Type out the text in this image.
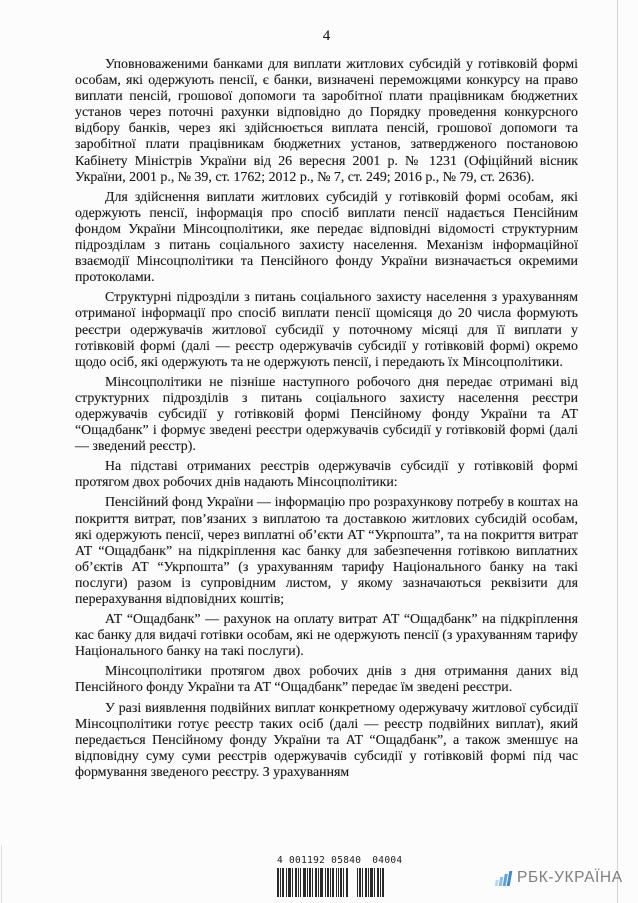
4

Уповноваженими банками для виплати житлових субсидій у готівковій формі особам, які одержують пенсії, є банки, визначені переможцями конкурсу на право виплати пенсій, грошової допомоги та заробітної плати працівникам бюджетних установ через поточні рахунки відповідно до Порядку проведення конкурсного відбору банків, через які здійснюється виплата пенсій, грошової допомоги та заробітної плати працівникам бюджетних установ, затвердженого постановою Кабінету Міністрів України від 26 вересня 2001 р. № 1231 (Офіційний вісник України, 2001 р., № 39, ст. 1762; 2012 р., № 7, ст. 249; 2016 р., № 79, ст. 2636).

Для здійснення виплати житлових субсидій у готівковій формі особам, які одержують пенсії, інформація про спосіб виплати пенсії надається Пенсійним фондом України Мінсоцполітики, яке передає відповідні відомості структурним підрозділам з питань соціального захисту населення. Механізм інформаційної взаємодії Мінсоцполітики та Пенсійного фонду України визначається окремими протоколами.

Структурні підрозділи з питань соціального захисту населення з урахуванням отриманої інформації про спосіб виплати пенсії щомісяця до 20 числа формують реєстри одержувачів житлової субсидії у поточному місяці для її виплати у готівковій формі (далі — реєстр одержувачів субсидії у готівковій формі) окремо щодо осіб, які одержують та не одержують пенсії, і передають їх Мінсоцполітики.

Мінсоцполітики не пізніше наступного робочого дня передає отримані від структурних підрозділів з питань соціального захисту населення реєстри одержувачів субсидії у готівковій формі Пенсійному фонду України та АТ “Ощадбанк” і формує зведені реєстри одержувачів субсидії у готівковій формі (далі — зведений реєстр).

На підставі отриманих реєстрів одержувачів субсидії у готівковій формі протягом двох робочих днів надають Мінсоцполітики:

Пенсійний фонд України — інформацію про розрахункову потребу в коштах на покриття витрат, пов’язаних з виплатою та доставкою житлових субсидій особам, які одержують пенсії, через виплатні об’єкти АТ “Укрпошта”, та на покриття витрат АТ “Ощадбанк” на підкріплення кас банку для забезпечення готівкою виплатних об’єктів АТ “Укрпошта” (з урахуванням тарифу Національного банку на такі послуги) разом із супровідним листом, у якому зазначаються реквізити для перерахування відповідних коштів;

АТ “Ощадбанк” — рахунок на оплату витрат АТ “Ощадбанк” на підкріплення кас банку для видачі готівки особам, які не одержують пенсії (з урахуванням тарифу Національного банку на такі послуги).

Мінсоцполітики протягом двох робочих днів з дня отримання даних від Пенсійного фонду України та АТ “Ощадбанк” передає їм зведені реєстри.

У разі виявлення подвійних виплат конкретному одержувачу житлової субсидії Мінсоцполітики готує реєстр таких осіб (далі — реєстр подвійних виплат), який передається Пенсійному фонду України та АТ “Ощадбанк”, а також зменшує на відповідну суму суми реєстрів одержувачів субсидії у готівковій формі під час формування зведеного реєстру. З урахуванням

4 001192 05840 04004
РБК-УКРАЇНА
